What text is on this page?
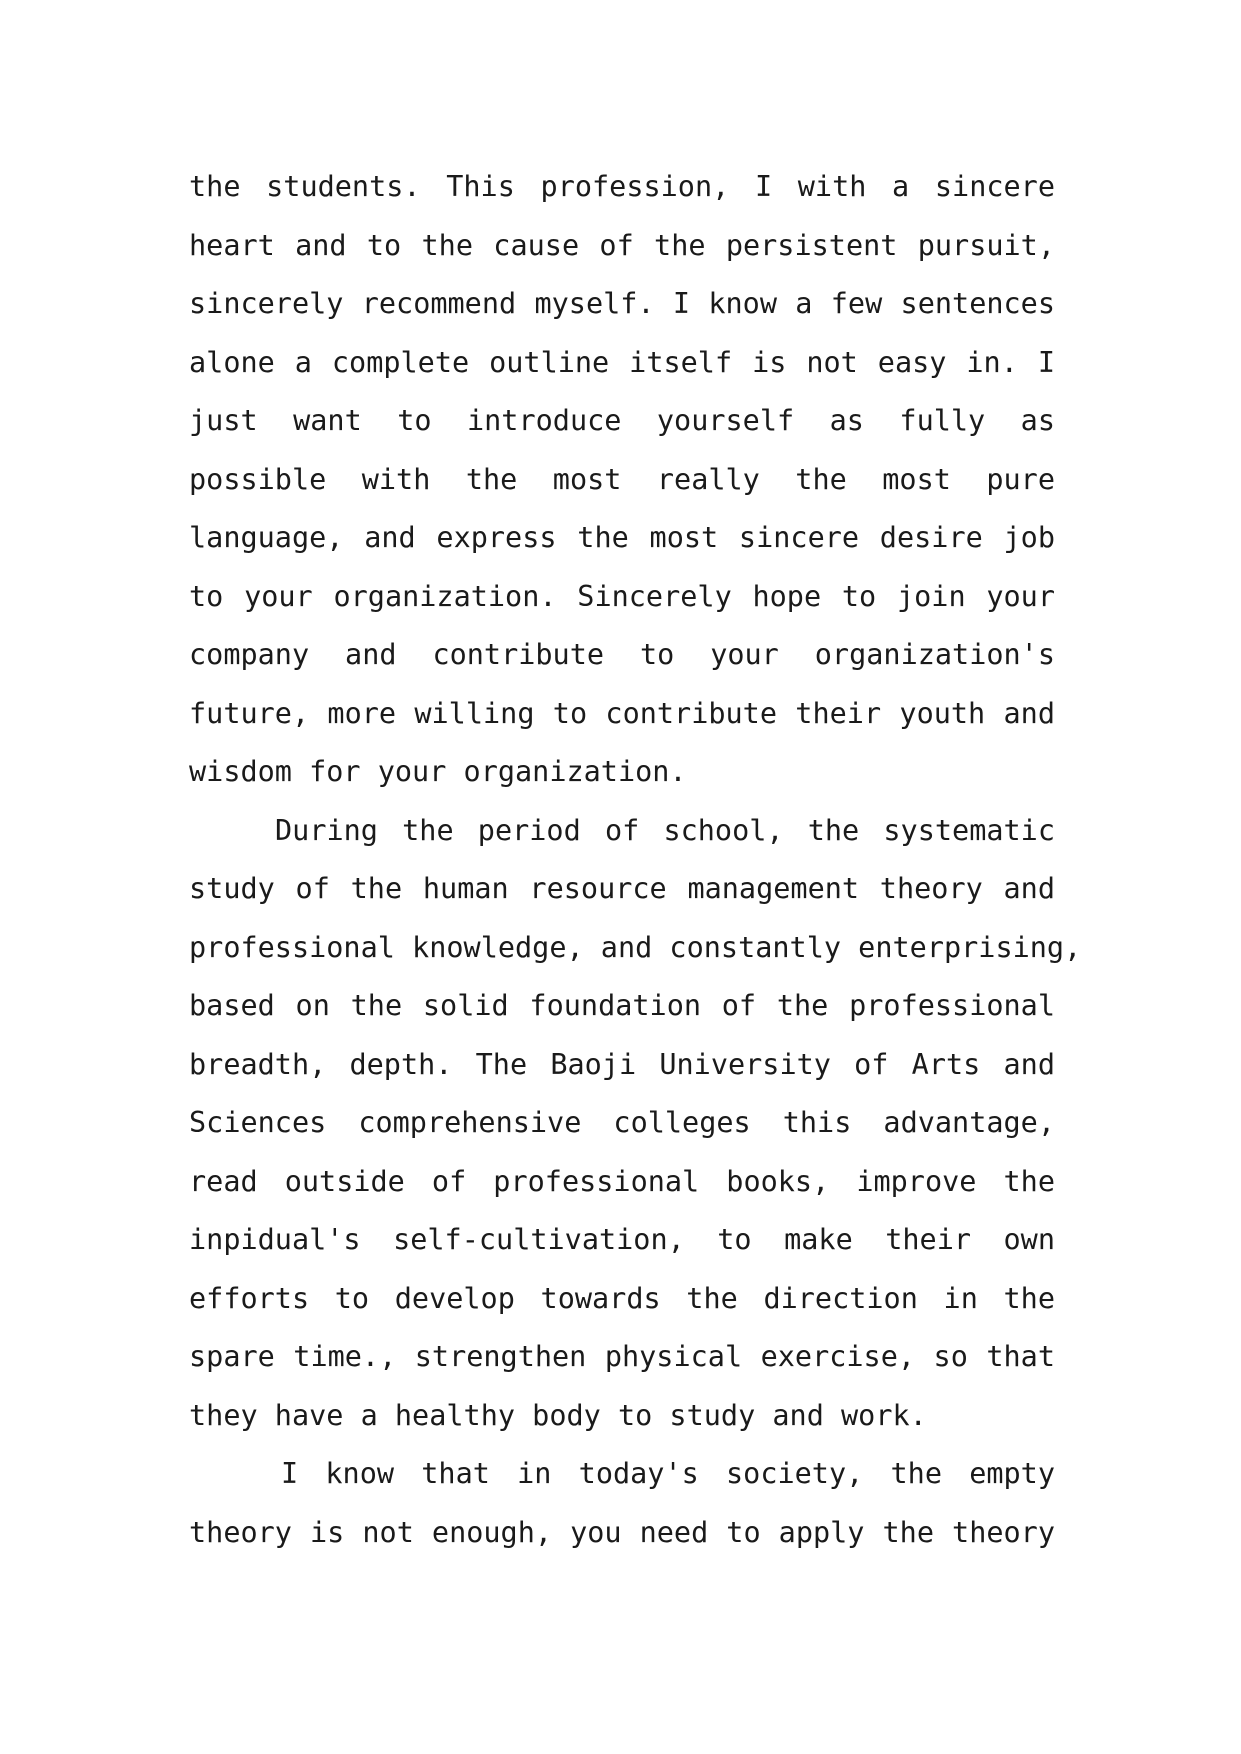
the students. This profession, I with a sincere
heart and to the cause of the persistent pursuit,
sincerely recommend myself. I know a few sentences
alone a complete outline itself is not easy in. I
just want to introduce yourself as fully as
possible with the most really the most pure
language, and express the most sincere desire job
to your organization. Sincerely hope to join your
company and contribute to your organization's
future, more willing to contribute their youth and
wisdom for your organization.
During the period of school, the systematic
study of the human resource management theory and
professional knowledge, and constantly enterprising,
based on the solid foundation of the professional
breadth, depth. The Baoji University of Arts and
Sciences comprehensive colleges this advantage,
read outside of professional books, improve the
inpidual's self-cultivation, to make their own
efforts to develop towards the direction in the
spare time., strengthen physical exercise, so that
they have a healthy body to study and work.
I know that in today's society, the empty
theory is not enough, you need to apply the theory
